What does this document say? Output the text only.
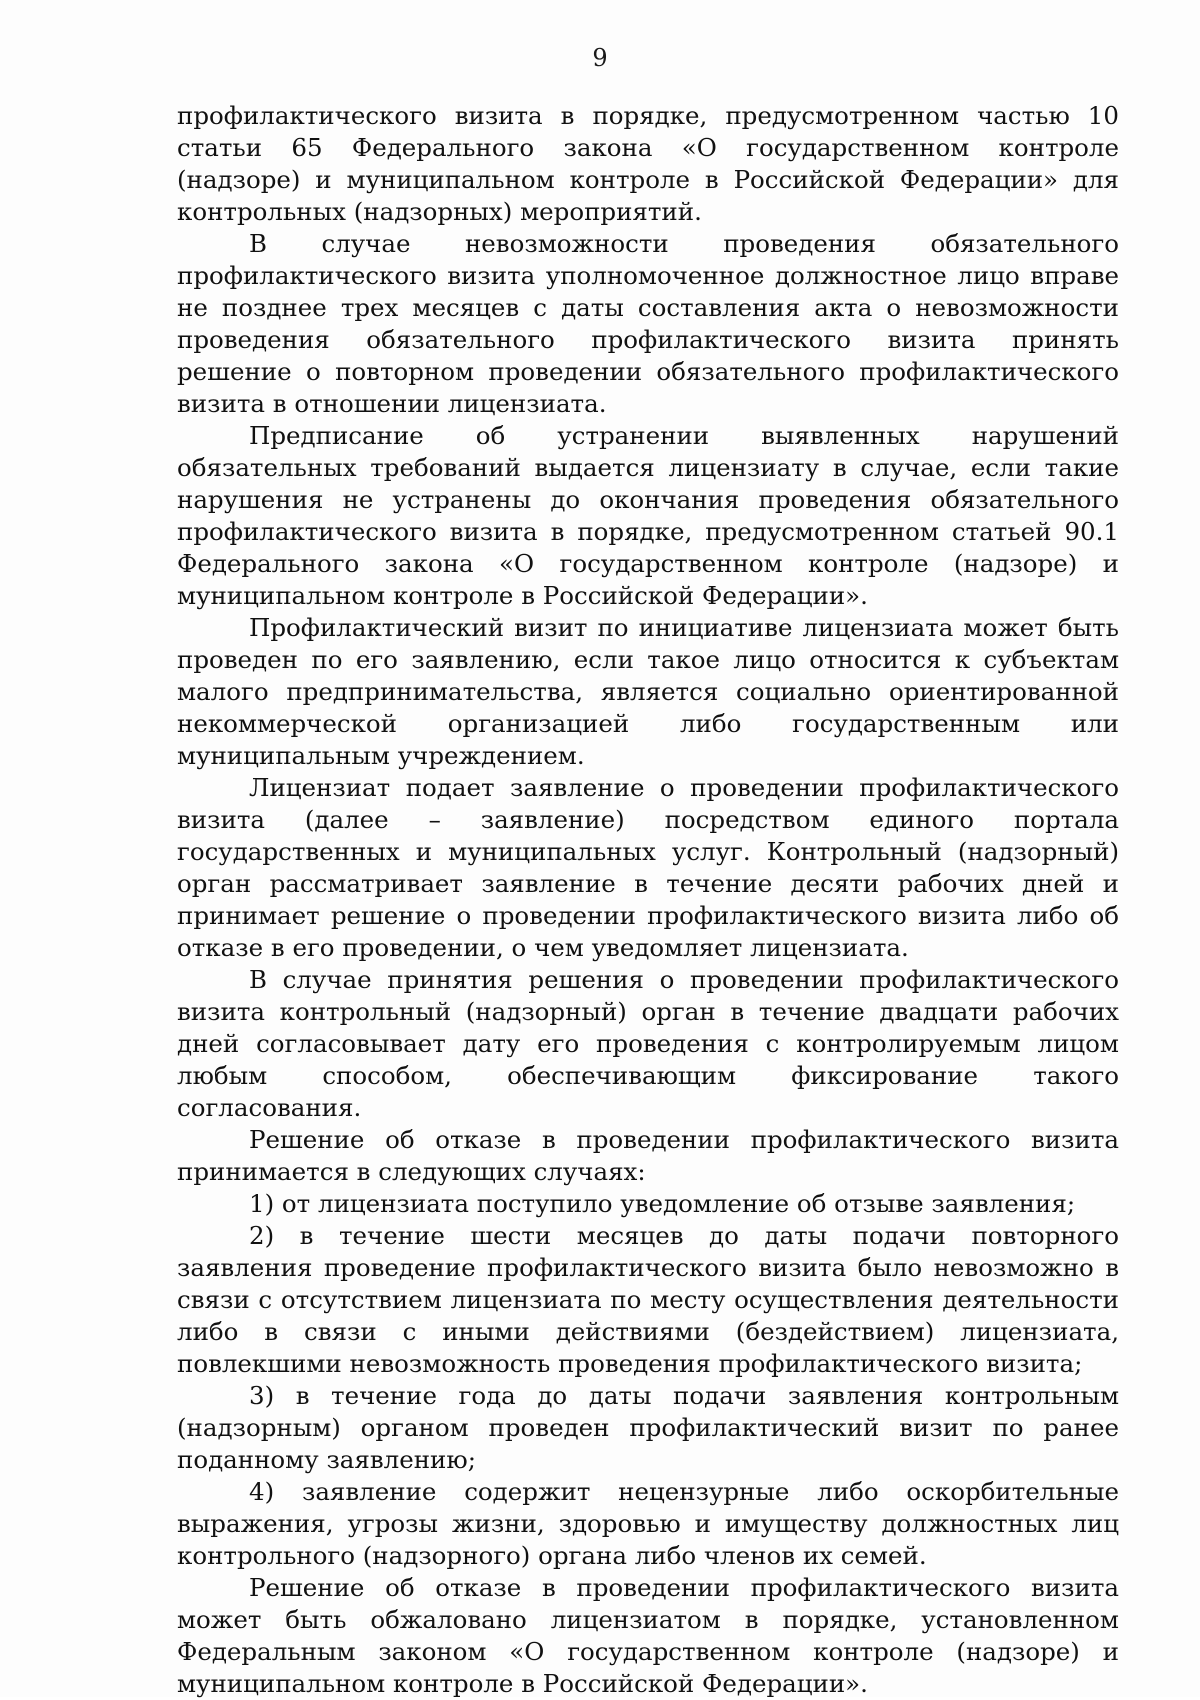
9

профилактического визита в порядке, предусмотренном частью 10 статьи 65 Федерального закона «О государственном контроле (надзоре) и муниципальном контроле в Российской Федерации» для контрольных (надзорных) мероприятий.

В случае невозможности проведения обязательного профилактического визита уполномоченное должностное лицо вправе не позднее трех месяцев с даты составления акта о невозможности проведения обязательного профилактического визита принять решение о повторном проведении обязательного профилактического визита в отношении лицензиата.

Предписание об устранении выявленных нарушений обязательных требований выдается лицензиату в случае, если такие нарушения не устранены до окончания проведения обязательного профилактического визита в порядке, предусмотренном статьей 90.1 Федерального закона «О государственном контроле (надзоре) и муниципальном контроле в Российской Федерации».

Профилактический визит по инициативе лицензиата может быть проведен по его заявлению, если такое лицо относится к субъектам малого предпринимательства, является социально ориентированной некоммерческой организацией либо государственным или муниципальным учреждением.

Лицензиат подает заявление о проведении профилактического визита (далее – заявление) посредством единого портала государственных и муниципальных услуг. Контрольный (надзорный) орган рассматривает заявление в течение десяти рабочих дней и принимает решение о проведении профилактического визита либо об отказе в его проведении, о чем уведомляет лицензиата.

В случае принятия решения о проведении профилактического визита контрольный (надзорный) орган в течение двадцати рабочих дней согласовывает дату его проведения с контролируемым лицом любым способом, обеспечивающим фиксирование такого согласования.

Решение об отказе в проведении профилактического визита принимается в следующих случаях:

1) от лицензиата поступило уведомление об отзыве заявления;

2) в течение шести месяцев до даты подачи повторного заявления проведение профилактического визита было невозможно в связи с отсутствием лицензиата по месту осуществления деятельности либо в связи с иными действиями (бездействием) лицензиата, повлекшими невозможность проведения профилактического визита;

3) в течение года до даты подачи заявления контрольным (надзорным) органом проведен профилактический визит по ранее поданному заявлению;

4) заявление содержит нецензурные либо оскорбительные выражения, угрозы жизни, здоровью и имуществу должностных лиц контрольного (надзорного) органа либо членов их семей.

Решение об отказе в проведении профилактического визита может быть обжаловано лицензиатом в порядке, установленном Федеральным законом «О государственном контроле (надзоре) и муниципальном контроле в Российской Федерации».
